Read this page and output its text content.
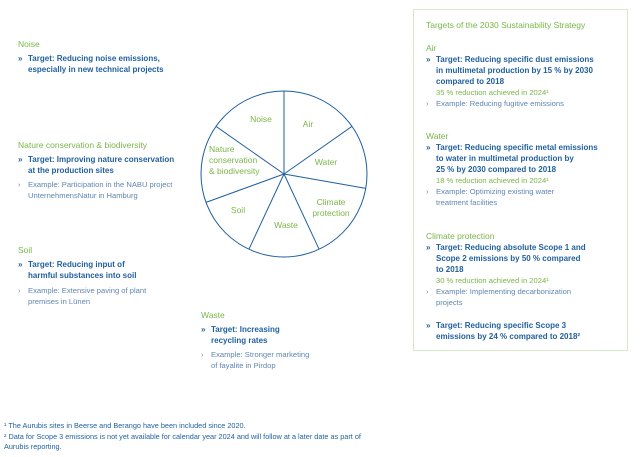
Noise
» Target: Reducing noise emissions,
especially in new technical projects
Nature conservation & biodiversity
» Target: Improving nature conservation
at the production sites
› Example: Participation in the NABU project
UnternehmensNatur in Hamburg
Soil
» Target: Reducing input of
harmful substances into soil
› Example: Extensive paving of plant
premises in Lünen
Waste
» Target: Increasing
recycling rates
› Example: Stronger marketing
of fayalite in Pirdop
Noise	Air
Water
Climate protection
Waste
Soil
Nature conservation & biodiversity
Targets of the 2030 Sustainability Strategy
Air
» Target: Reducing specific dust emissions
in multimetal production by 15 % by 2030
compared to 2018
35 % reduction achieved in 2024¹
› Example: Reducing fugitive emissions
Water
» Target: Reducing specific metal emissions
to water in multimetal production by
25 % by 2030 compared to 2018
18 % reduction achieved in 2024¹
› Example: Optimizing existing water
treatment facilities
Climate protection
» Target: Reducing absolute Scope 1 and
Scope 2 emissions by 50 % compared
to 2018
30 % reduction achieved in 2024¹
› Example: Implementing decarbonization
projects
» Target: Reducing specific Scope 3
emissions by 24 % compared to 2018²
¹ The Aurubis sites in Beerse and Berango have been included since 2020.
² Data for Scope 3 emissions is not yet available for calendar year 2024 and will follow at a later date as part of
Aurubis reporting.
